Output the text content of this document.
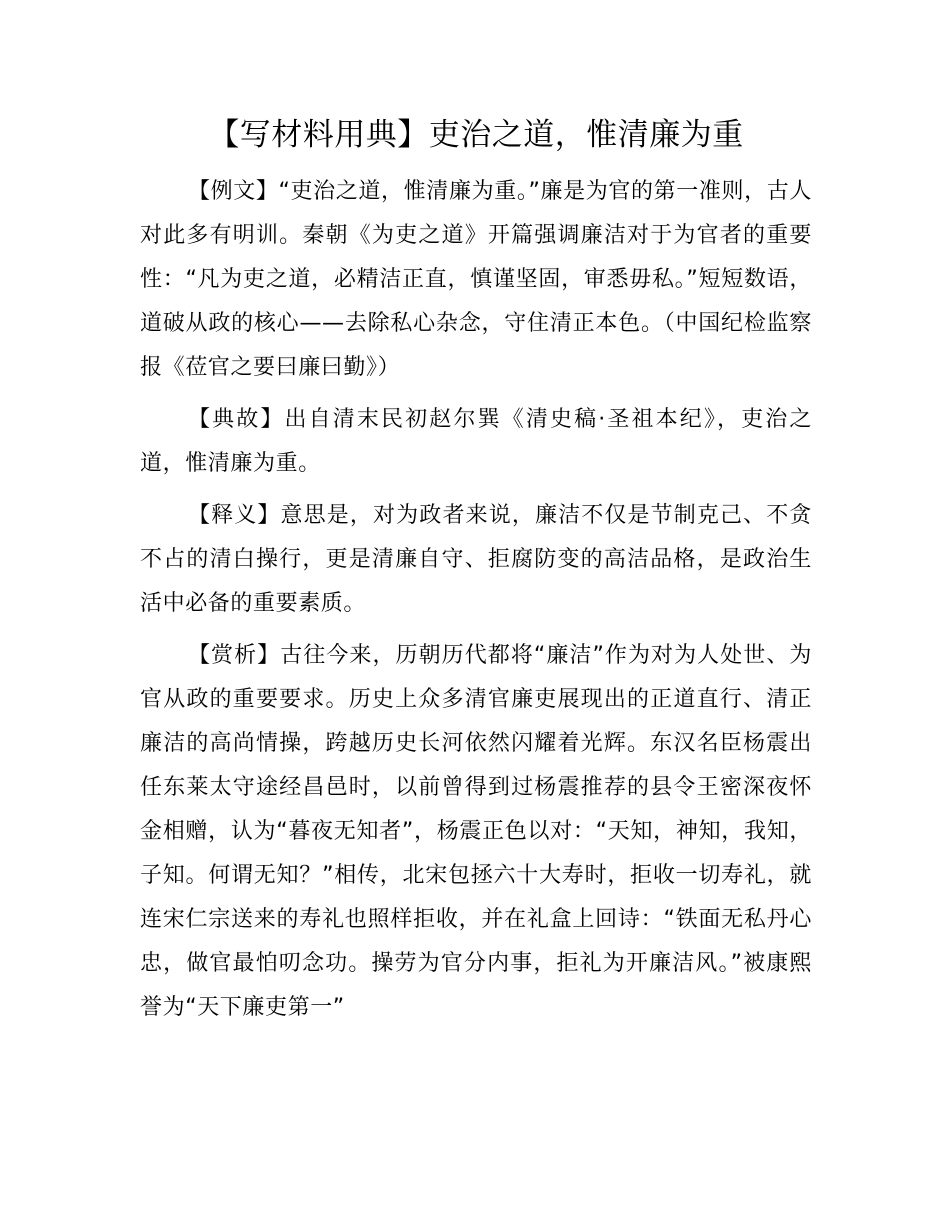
【写材料用典】吏治之道，惟清廉为重

【例文】“吏治之道，惟清廉为重。”廉是为官的第一准则，古人对此多有明训。秦朝《为吏之道》开篇强调廉洁对于为官者的重要性：“凡为吏之道，必精洁正直，慎谨坚固，审悉毋私。”短短数语，道破从政的核心——去除私心杂念，守住清正本色。（中国纪检监察报《莅官之要曰廉曰勤》）

【典故】出自清末民初赵尔巽《清史稿·圣祖本纪》，吏治之道，惟清廉为重。

【释义】意思是，对为政者来说，廉洁不仅是节制克己、不贪不占的清白操行，更是清廉自守、拒腐防变的高洁品格，是政治生活中必备的重要素质。

【赏析】古往今来，历朝历代都将“廉洁”作为对为人处世、为官从政的重要要求。历史上众多清官廉吏展现出的正道直行、清正廉洁的高尚情操，跨越历史长河依然闪耀着光辉。东汉名臣杨震出任东莱太守途经昌邑时，以前曾得到过杨震推荐的县令王密深夜怀金相赠，认为“暮夜无知者”，杨震正色以对：“天知，神知，我知，子知。何谓无知？”相传，北宋包拯六十大寿时，拒收一切寿礼，就连宋仁宗送来的寿礼也照样拒收，并在礼盒上回诗：“铁面无私丹心忠，做官最怕叨念功。操劳为官分内事，拒礼为开廉洁风。”被康熙誉为“天下廉吏第一”
